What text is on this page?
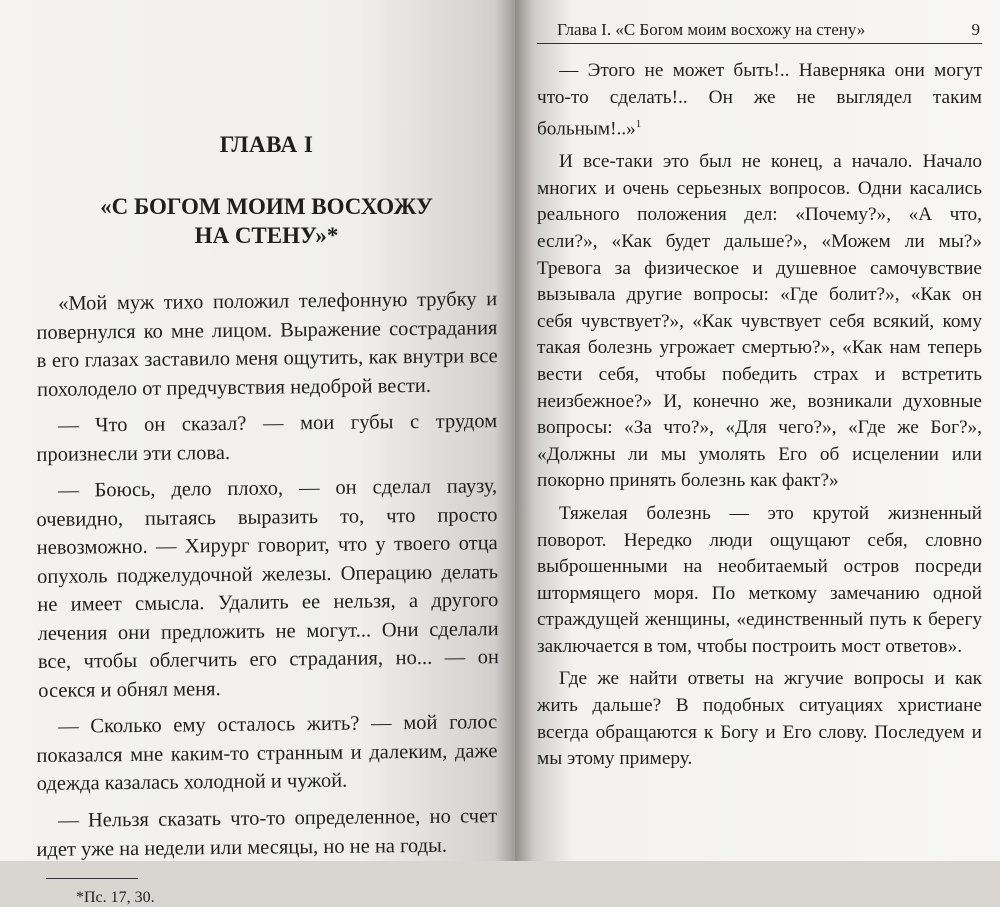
ГЛАВА I
«С БОГОМ МОИМ ВОСХОЖУ
НА СТЕНУ»*

«Мой муж тихо положил телефонную трубку и повернулся ко мне лицом. Выражение сострадания в его глазах заставило меня ощутить, как внутри все похолодело от предчувствия недоброй вести.

— Что он сказал? — мои губы с трудом произнесли эти слова.

— Боюсь, дело плохо, — он сделал паузу, очевидно, пытаясь выразить то, что просто невозможно. — Хирург говорит, что у твоего отца опухоль поджелудочной железы. Операцию делать не имеет смысла. Удалить ее нельзя, а другого лечения они предложить не могут... Они сделали все, чтобы облегчить его страдания, но... — он осекся и обнял меня.

— Сколько ему осталось жить? — мой голос показался мне каким-то странным и далеким, даже одежда казалась холодной и чужой.

— Нельзя сказать что-то определенное, но счет идет уже на недели или месяцы, но не на годы.

*Пс. 17, 30.
Глава I. «С Богом моим восхожу на стену»	9

— Этого не может быть!.. Наверняка они могут что-то сделать!.. Он же не выглядел таким больным!..»$^1$

И все-таки это был не конец, а начало. Начало многих и очень серьезных вопросов. Одни касались реального положения дел: «Почему?», «А что, если?», «Как будет дальше?», «Можем ли мы?» Тревога за физическое и душевное самочувствие вызывала другие вопросы: «Где болит?», «Как он себя чувствует?», «Как чувствует себя всякий, кому такая болезнь угрожает смертью?», «Как нам теперь вести себя, чтобы победить страх и встретить неизбежное?» И, конечно же, возникали духовные вопросы: «За что?», «Для чего?», «Где же Бог?», «Должны ли мы умолять Его об исцелении или покорно принять болезнь как факт?»

Тяжелая болезнь — это крутой жизненный поворот. Нередко люди ощущают себя, словно выброшенными на необитаемый остров посреди штормящего моря. По меткому замечанию одной страждущей женщины, «единственный путь к берегу заключается в том, чтобы построить мост ответов».

Где же найти ответы на жгучие вопросы и как жить дальше? В подобных ситуациях христиане всегда обращаются к Богу и Его слову. Последуем и мы этому примеру.
